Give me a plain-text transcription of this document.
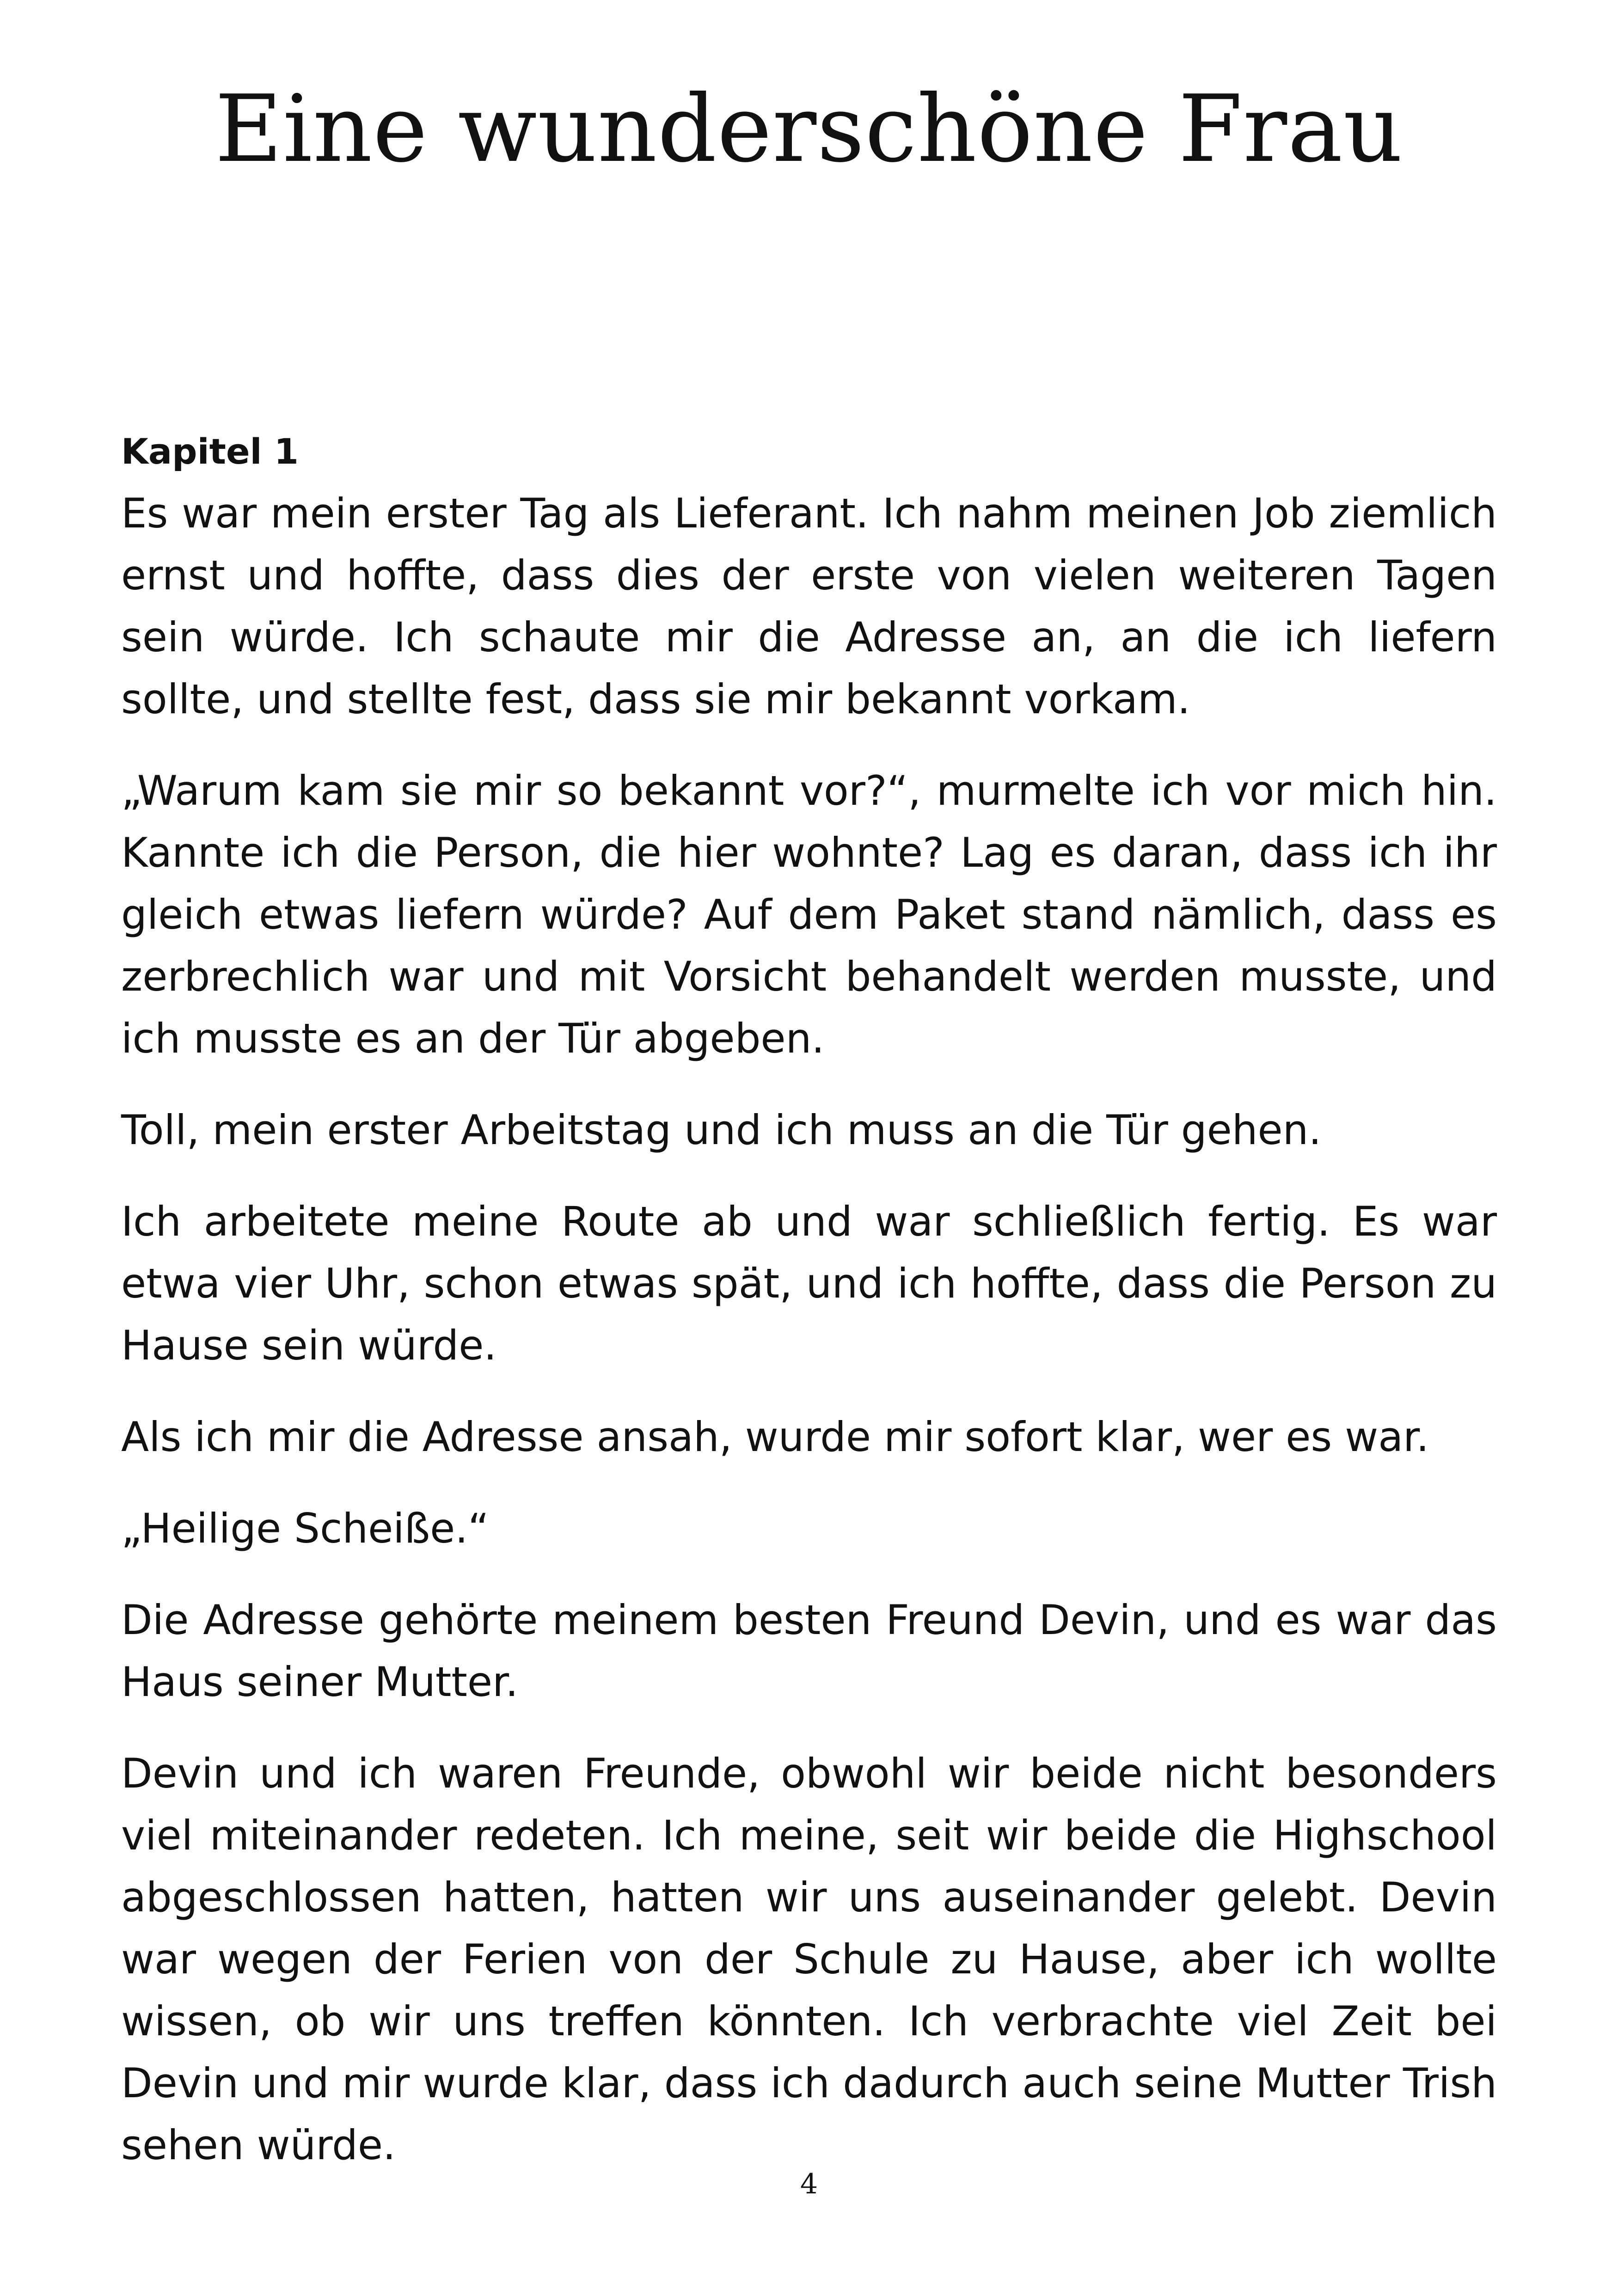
Eine wunderschöne Frau
Kapitel 1

Es war mein erster Tag als Lieferant. Ich nahm meinen Job ziemlich ernst und hoffte, dass dies der erste von vielen weiteren Tagen sein würde. Ich schaute mir die Adresse an, an die ich liefern sollte, und stellte fest, dass sie mir bekannt vorkam.

„Warum kam sie mir so bekannt vor?“, murmelte ich vor mich hin. Kannte ich die Person, die hier wohnte? Lag es daran, dass ich ihr gleich etwas liefern würde? Auf dem Paket stand nämlich, dass es zerbrechlich war und mit Vorsicht behandelt werden musste, und ich musste es an der Tür abgeben.

Toll, mein erster Arbeitstag und ich muss an die Tür gehen.

Ich arbeitete meine Route ab und war schließlich fertig. Es war etwa vier Uhr, schon etwas spät, und ich hoffte, dass die Person zu Hause sein würde.

Als ich mir die Adresse ansah, wurde mir sofort klar, wer es war.

„Heilige Scheiße.“

Die Adresse gehörte meinem besten Freund Devin, und es war das Haus seiner Mutter.

Devin und ich waren Freunde, obwohl wir beide nicht besonders viel miteinander redeten. Ich meine, seit wir beide die Highschool abgeschlossen hatten, hatten wir uns auseinander gelebt. Devin war wegen der Ferien von der Schule zu Hause, aber ich wollte wissen, ob wir uns treffen könnten. Ich verbrachte viel Zeit bei Devin und mir wurde klar, dass ich dadurch auch seine Mutter Trish sehen würde.

4
